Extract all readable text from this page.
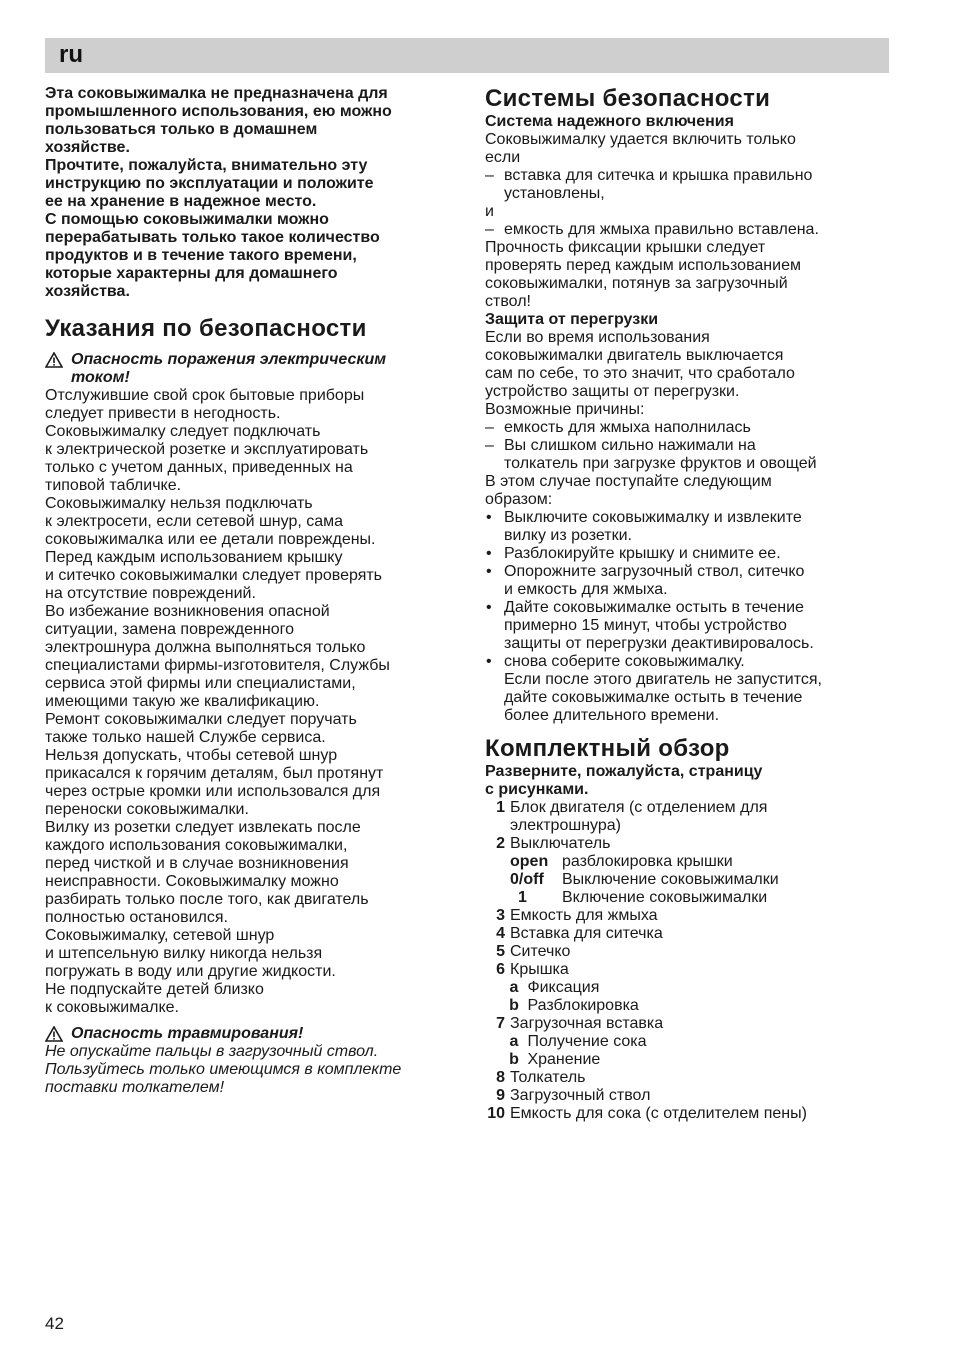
ru

Эта соковыжималка не предназначена для

промышленного использования, ею можно

пользоваться только в домашнем

хозяйстве.

Прочтите, пожалуйста, внимательно эту

инструкцию по эксплуатации и положите

ее на хранение в надежное место.

С помощью соковыжималки можно

перерабатывать только такое количество

продуктов и в течение такого времени,

которые характерны для домашнего

хозяйства.

Указания по безопасности

Опасность поражения электрическим

током!

Отслужившие свой срок бытовые приборы

следует привести в негодность.

Соковыжималку следует подключать

к электрической розетке и эксплуатировать

только с учетом данных, приведенных на

типовой табличке.

Соковыжималку нельзя подключать

к электросети, если сетевой шнур, сама

соковыжималка или ее детали повреждены.

Перед каждым использованием крышку

и ситечко соковыжималки следует проверять

на отсутствие повреждений.

Во избежание возникновения опасной

ситуации, замена поврежденного

электрошнура должна выполняться только

специалистами фирмы-изготовителя, Службы

сервиса этой фирмы или специалистами,

имеющими такую же квалификацию.

Ремонт соковыжималки следует поручать

также только нашей Службе сервиса.

Нельзя допускать, чтобы сетевой шнур

прикасался к горячим деталям, был протянут

через острые кромки или использовался для

переноски соковыжималки.

Вилку из розетки следует извлекать после

каждого использования соковыжималки,

перед чисткой и в случае возникновения

неисправности. Соковыжималку можно

разбирать только после того, как двигатель

полностью остановился.

Соковыжималку, сетевой шнур

и штепсельную вилку никогда нельзя

погружать в воду или другие жидкости.

Не подпускайте детей близко

к соковыжималке.

Опасность травмирования!

Не опускайте пальцы в загрузочный ствол.

Пользуйтесь только имеющимся в комплекте

поставки толкателем!

Системы безопасности

Система надежного включения

Соковыжималку удается включить только

если

– вставка для ситечка и крышка правильно

установлены,

и

– емкость для жмыха правильно вставлена.

Прочность фиксации крышки следует

проверять перед каждым использованием

соковыжималки, потянув за загрузочный

ствол!

Защита от перегрузки

Если во время использования

соковыжималки двигатель выключается

сам по себе, то это значит, что сработало

устройство защиты от перегрузки.

Возможные причины:

– емкость для жмыха наполнилась

– Вы слишком сильно нажимали на

толкатель при загрузке фруктов и овощей

В этом случае поступайте следующим

образом:

• Выключите соковыжималку и извлеките

вилку из розетки.

• Разблокируйте крышку и снимите ее.

• Опорожните загрузочный ствол, ситечко

и емкость для жмыха.

• Дайте соковыжималке остыть в течение

примерно 15 минут, чтобы устройство

защиты от перегрузки деактивировалось.

• снова соберите соковыжималку.

Если после этого двигатель не запустится,

дайте соковыжималке остыть в течение

более длительного времени.

Комплектный обзор

Разверните, пожалуйста, страницу

с рисунками.

1 Блок двигателя (с отделением для

электрошнура)

2 Выключатель

open разблокировка крышки
0/off Выключение соковыжималки
1 Включение соковыжималки
3 Емкость для жмыха

4 Вставка для ситечка

5 Ситечко

6 Крышка

a Фиксация
b Разблокировка
7 Загрузочная вставка

a Получение сока
b Хранение
8 Толкатель

9 Загрузочный ствол

10 Емкость для сока (с отделителем пены)

42
